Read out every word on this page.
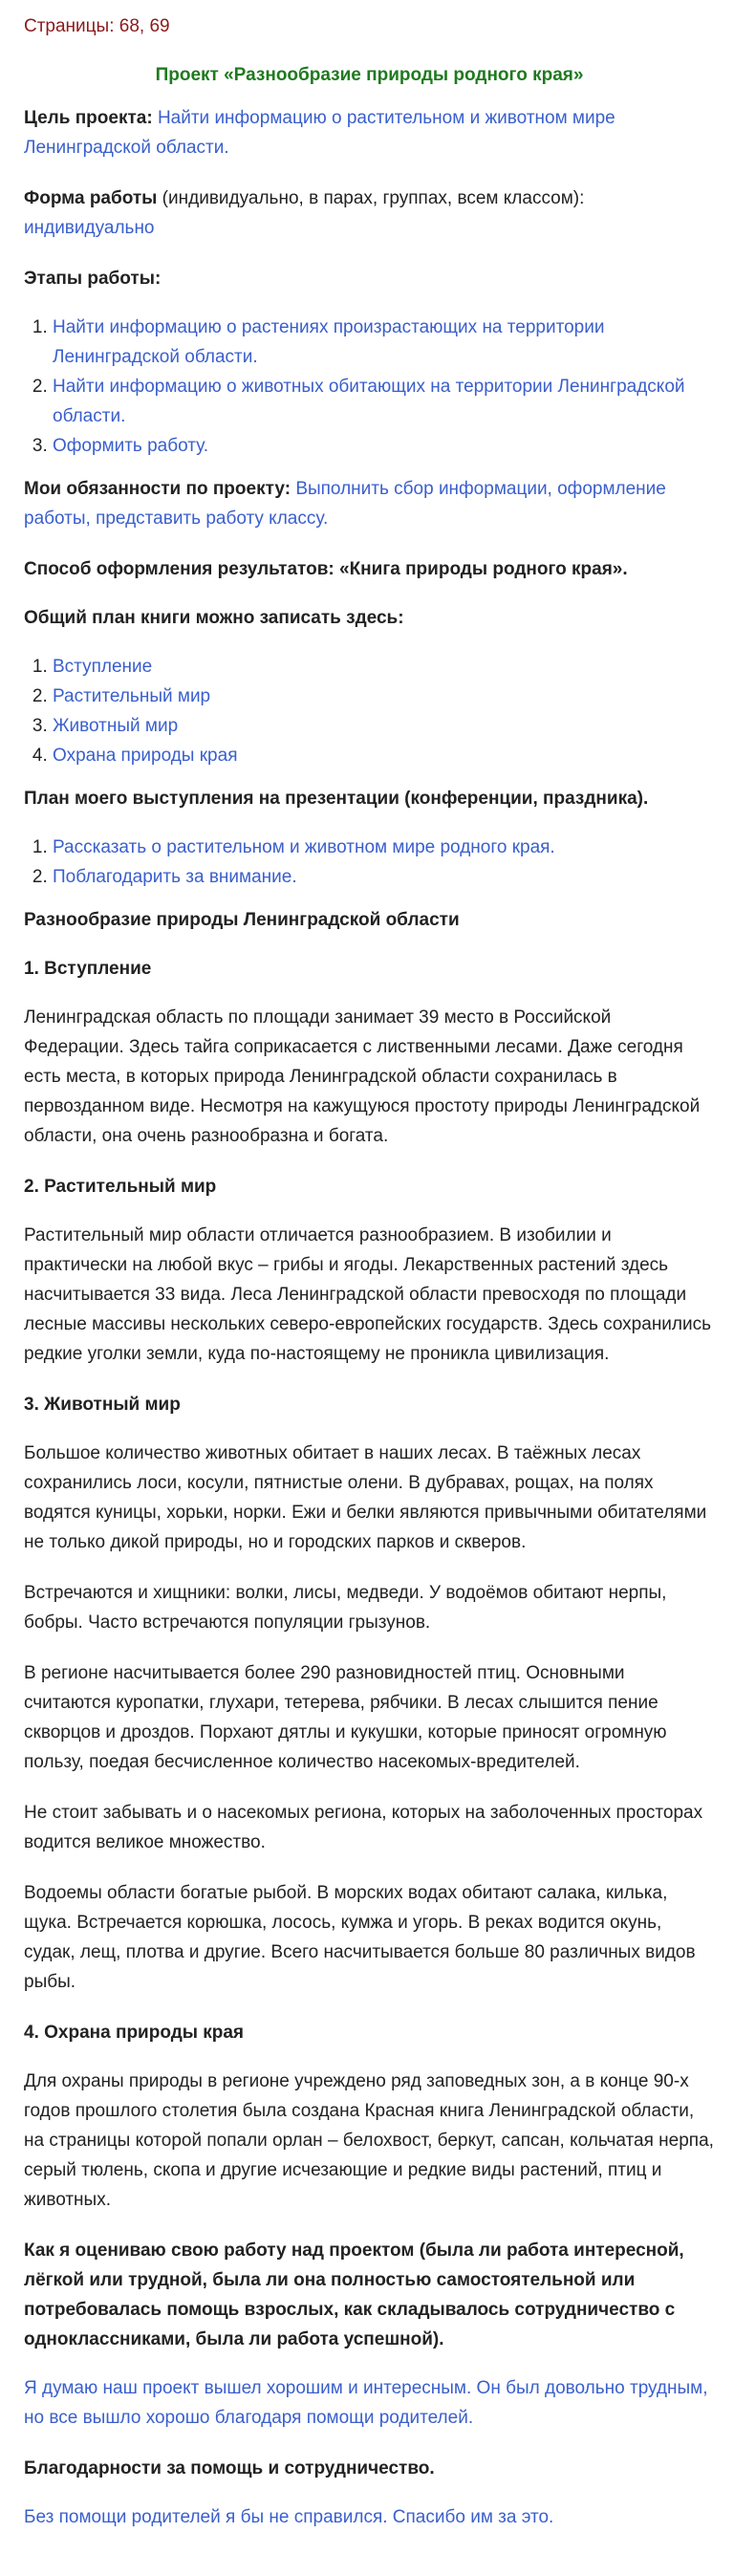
Страницы: 68, 69
Проект «Разнообразие природы родного края»

Цель проекта: Найти информацию о растительном и животном мире Ленинградской области.

Форма работы (индивидуально, в парах, группах, всем классом): индивидуально

Этапы работы:
1. Найти информацию о растениях произрастающих на территории Ленинградской области.
2. Найти информацию о животных обитающих на территории Ленинградской области.
3. Оформить работу.

Мои обязанности по проекту: Выполнить сбор информации, оформление работы, представить работу классу.

Способ оформления результатов: «Книга природы родного края».
Общий план книги можно записать здесь:
1. Вступление
2. Растительный мир
3. Животный мир
4. Охрана природы края
План моего выступления на презентации (конференции, праздника).
1. Рассказать о растительном и животном мире родного края.
2. Поблагодарить за внимание.
Разнообразие природы Ленинградской области
1. Вступление
Ленинградская область по площади занимает 39 место в Российской Федерации. Здесь тайга соприкасается с лиственными лесами. Даже сегодня есть места, в которых природа Ленинградской области сохранилась в первозданном виде. Несмотря на кажущуюся простоту природы Ленинградской области, она очень разнообразна и богата.
2. Растительный мир
Растительный мир области отличается разнообразием. В изобилии и практически на любой вкус – грибы и ягоды. Лекарственных растений здесь насчитывается 33 вида. Леса Ленинградской области превосходя по площади лесные массивы нескольких северо-европейских государств. Здесь сохранились редкие уголки земли, куда по-настоящему не проникла цивилизация.
3. Животный мир
Большое количество животных обитает в наших лесах. В таёжных лесах сохранились лоси, косули, пятнистые олени. В дубравах, рощах, на полях водятся куницы, хорьки, норки. Ежи и белки являются привычными обитателями не только дикой природы, но и городских парков и скверов.
Встречаются и хищники: волки, лисы, медведи. У водоёмов обитают нерпы, бобры. Часто встречаются популяции грызунов.
В регионе насчитывается более 290 разновидностей птиц. Основными считаются куропатки, глухари, тетерева, рябчики. В лесах слышится пение скворцов и дроздов. Порхают дятлы и кукушки, которые приносят огромную пользу, поедая бесчисленное количество насекомых-вредителей.
Не стоит забывать и о насекомых региона, которых на заболоченных просторах водится великое множество.
Водоемы области богатые рыбой. В морских водах обитают салака, килька, щука. Встречается корюшка, лосось, кумжа и угорь. В реках водится окунь, судак, лещ, плотва и другие. Всего насчитывается больше 80 различных видов рыбы.
4. Охрана природы края
Для охраны природы в регионе учреждено ряд заповедных зон, а в конце 90-х годов прошлого столетия была создана Красная книга Ленинградской области, на страницы которой попали орлан – белохвост, беркут, сапсан, кольчатая нерпа, серый тюлень, скопа и другие исчезающие и редкие виды растений, птиц и животных.
Как я оцениваю свою работу над проектом (была ли работа интересной, лёгкой или трудной, была ли она полностью самостоятельной или потребовалась помощь взрослых, как складывалось сотрудничество с одноклассниками, была ли работа успешной).
Я думаю наш проект вышел хорошим и интересным. Он был довольно трудным, но все вышло хорошо благодаря помощи родителей.
Благодарности за помощь и сотрудничество.
Без помощи родителей я бы не справился. Спасибо им за это.
